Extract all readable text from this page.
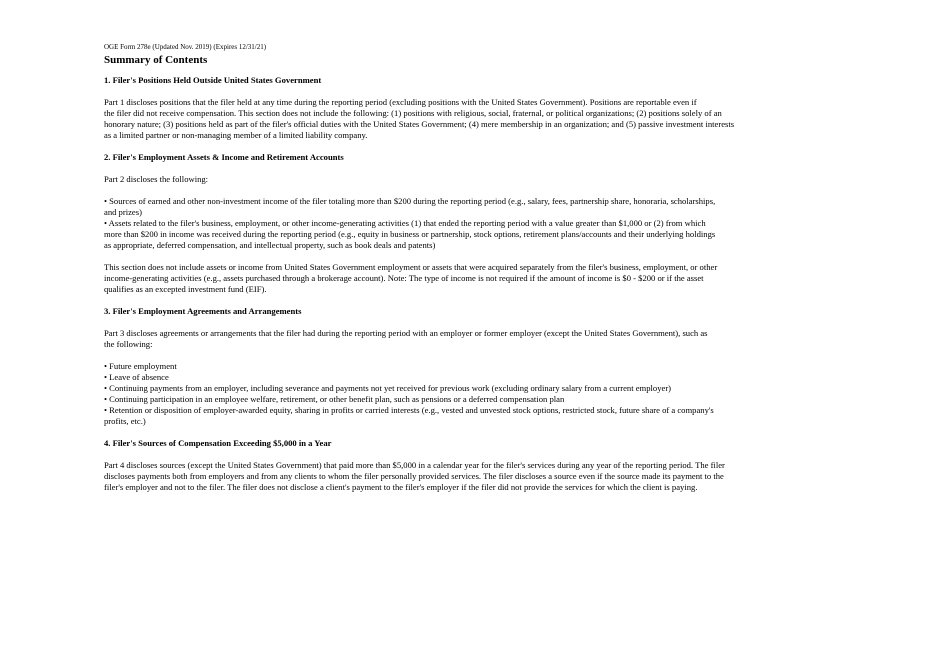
OGE Form 278e (Updated Nov. 2019) (Expires 12/31/21)

Summary of Contents

1. Filer's Positions Held Outside United States Government

Part 1 discloses positions that the filer held at any time during the reporting period (excluding positions with the United States Government). Positions are reportable even if

the filer did not receive compensation. This section does not include the following: (1) positions with religious, social, fraternal, or political organizations; (2) positions solely of an

honorary nature; (3) positions held as part of the filer's official duties with the United States Government; (4) mere membership in an organization; and (5) passive investment interests

as a limited partner or non-managing member of a limited liability company.

2. Filer's Employment Assets & Income and Retirement Accounts

Part 2 discloses the following:

• Sources of earned and other non-investment income of the filer totaling more than $200 during the reporting period (e.g., salary, fees, partnership share, honoraria, scholarships,

and prizes)

• Assets related to the filer's business, employment, or other income-generating activities (1) that ended the reporting period with a value greater than $1,000 or (2) from which

more than $200 in income was received during the reporting period (e.g., equity in business or partnership, stock options, retirement plans/accounts and their underlying holdings

as appropriate, deferred compensation, and intellectual property, such as book deals and patents)

This section does not include assets or income from United States Government employment or assets that were acquired separately from the filer's business, employment, or other

income-generating activities (e.g., assets purchased through a brokerage account). Note: The type of income is not required if the amount of income is $0 - $200 or if the asset

qualifies as an excepted investment fund (EIF).

3. Filer's Employment Agreements and Arrangements

Part 3 discloses agreements or arrangements that the filer had during the reporting period with an employer or former employer (except the United States Government), such as

the following:

• Future employment

• Leave of absence

• Continuing payments from an employer, including severance and payments not yet received for previous work (excluding ordinary salary from a current employer)

• Continuing participation in an employee welfare, retirement, or other benefit plan, such as pensions or a deferred compensation plan

• Retention or disposition of employer-awarded equity, sharing in profits or carried interests (e.g., vested and unvested stock options, restricted stock, future share of a company's

profits, etc.)

4. Filer's Sources of Compensation Exceeding $5,000 in a Year

Part 4 discloses sources (except the United States Government) that paid more than $5,000 in a calendar year for the filer's services during any year of the reporting period. The filer

discloses payments both from employers and from any clients to whom the filer personally provided services. The filer discloses a source even if the source made its payment to the

filer's employer and not to the filer. The filer does not disclose a client's payment to the filer's employer if the filer did not provide the services for which the client is paying.
